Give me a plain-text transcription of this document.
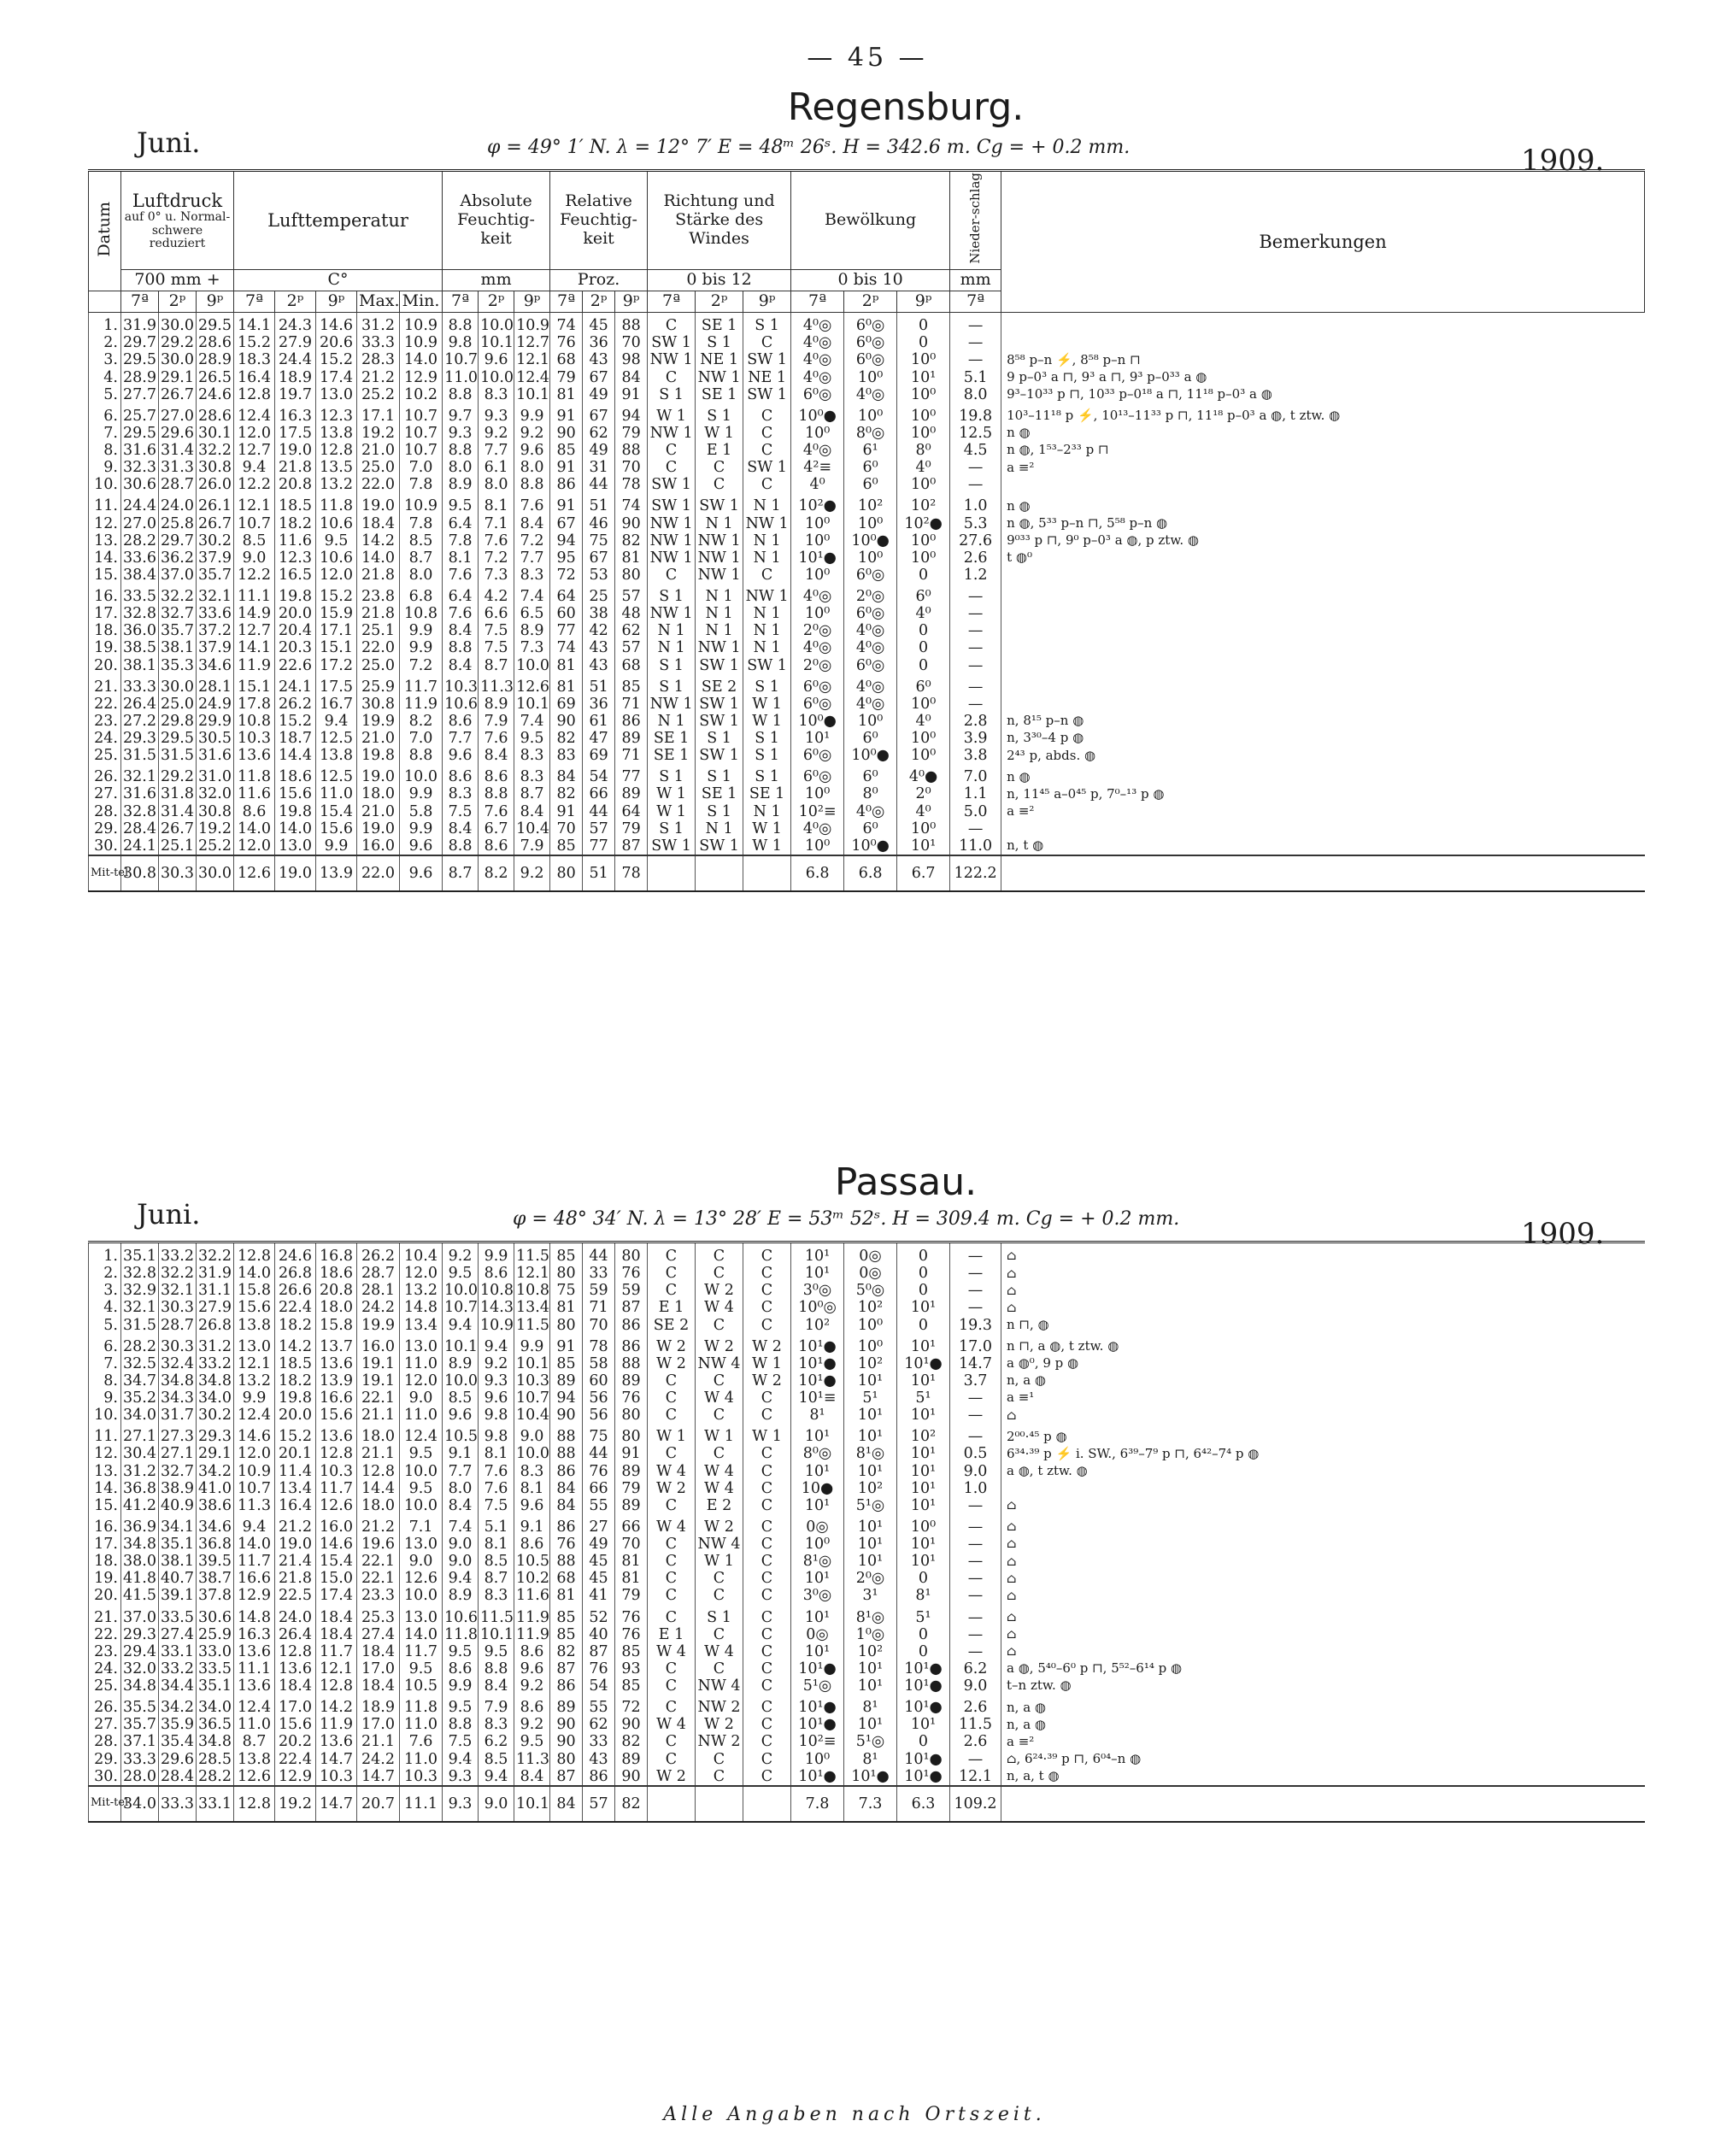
— 45 —
Regensburg.
Juni.	φ = 49° 1′ N. λ = 12° 7′ E = 48ᵐ 26ˢ. H = 342.6 m. Cg = + 0.2 mm.	1909.
Datum	Luftdruck
auf 0° u. Normal-schwere reduziert			Lufttemperatur					Absolute Feuchtig-keit			Relative Feuchtig-keit			Richtung und Stärke des Windes			Bewölkung			Nieder-schlag	Bemerkungen
	700 mm +			C°					mm			Proz.			0 bis 12			0 bis 10			mm	
	7ª	2ᵖ	9ᵖ	7ª	2ᵖ	9ᵖ	Max.	Min.	7ª	2ᵖ	9ᵖ	7ª	2ᵖ	9ᵖ	7ª	2ᵖ	9ᵖ	7ª	2ᵖ	9ᵖ	7ª	
1.	31.9	30.0	29.5	14.1	24.3	14.6	31.2	10.9	8.8	10.0	10.9	74	45	88	C	SE 1	S 1	4⁰◎	6⁰◎	0	—	
2.	29.7	29.2	28.6	15.2	27.9	20.6	33.3	10.9	9.8	10.1	12.7	76	36	70	SW 1	S 1	C	4⁰◎	6⁰◎	0	—	
3.	29.5	30.0	28.9	18.3	24.4	15.2	28.3	14.0	10.7	9.6	12.1	68	43	98	NW 1	NE 1	SW 1	4⁰◎	6⁰◎	10⁰	—	8⁵⁸ p–n ⚡, 8⁵⁸ p–n ⊓
4.	28.9	29.1	26.5	16.4	18.9	17.4	21.2	12.9	11.0	10.0	12.4	79	67	84	C	NW 1	NE 1	4⁰◎	10⁰	10¹	5.1	9 p–0³ a ⊓, 9³ a ⊓, 9³ p–0³³ a ◍
5.	27.7	26.7	24.6	12.8	19.7	13.0	25.2	10.2	8.8	8.3	10.1	81	49	91	S 1	SE 1	SW 1	6⁰◎	4⁰◎	10⁰	8.0	9³–10³³ p ⊓, 10³³ p–0¹⁸ a ⊓, 11¹⁸ p–0³ a ◍
6.	25.7	27.0	28.6	12.4	16.3	12.3	17.1	10.7	9.7	9.3	9.9	91	67	94	W 1	S 1	C	10⁰●	10⁰	10⁰	19.8	10³–11¹⁸ p ⚡, 10¹³–11³³ p ⊓, 11¹⁸ p–0³ a ◍, t ztw. ◍
7.	29.5	29.6	30.1	12.0	17.5	13.8	19.2	10.7	9.3	9.2	9.2	90	62	79	NW 1	W 1	C	10⁰	8⁰◎	10⁰	12.5	n ◍
8.	31.6	31.4	32.2	12.7	19.0	12.8	21.0	10.7	8.8	7.7	9.6	85	49	88	C	E 1	C	4⁰◎	6¹	8⁰	4.5	n ◍, 1⁵³–2³³ p ⊓
9.	32.3	31.3	30.8	9.4	21.8	13.5	25.0	7.0	8.0	6.1	8.0	91	31	70	C	C	SW 1	4²≡	6⁰	4⁰	—	a ≡²
10.	30.6	28.7	26.0	12.2	20.8	13.2	22.0	7.8	8.9	8.0	8.8	86	44	78	SW 1	C	C	4⁰	6⁰	10⁰	—	
11.	24.4	24.0	26.1	12.1	18.5	11.8	19.0	10.9	9.5	8.1	7.6	91	51	74	SW 1	SW 1	N 1	10²●	10²	10²	1.0	n ◍
12.	27.0	25.8	26.7	10.7	18.2	10.6	18.4	7.8	6.4	7.1	8.4	67	46	90	NW 1	N 1	NW 1	10⁰	10⁰	10²●	5.3	n ◍, 5³³ p–n ⊓, 5⁵⁸ p–n ◍
13.	28.2	29.7	30.2	8.5	11.6	9.5	14.2	8.5	7.8	7.6	7.2	94	75	82	NW 1	NW 1	N 1	10⁰	10⁰●	10⁰	27.6	9⁰³³ p ⊓, 9⁰ p–0³ a ◍, p ztw. ◍
14.	33.6	36.2	37.9	9.0	12.3	10.6	14.0	8.7	8.1	7.2	7.7	95	67	81	NW 1	NW 1	N 1	10¹●	10⁰	10⁰	2.6	t ◍⁰
15.	38.4	37.0	35.7	12.2	16.5	12.0	21.8	8.0	7.6	7.3	8.3	72	53	80	C	NW 1	C	10⁰	6⁰◎	0	1.2	
16.	33.5	32.2	32.1	11.1	19.8	15.2	23.8	6.8	6.4	4.2	7.4	64	25	57	S 1	N 1	NW 1	4⁰◎	2⁰◎	6⁰	—	
17.	32.8	32.7	33.6	14.9	20.0	15.9	21.8	10.8	7.6	6.6	6.5	60	38	48	NW 1	N 1	N 1	10⁰	6⁰◎	4⁰	—	
18.	36.0	35.7	37.2	12.7	20.4	17.1	25.1	9.9	8.4	7.5	8.9	77	42	62	N 1	N 1	N 1	2⁰◎	4⁰◎	0	—	
19.	38.5	38.1	37.9	14.1	20.3	15.1	22.0	9.9	8.8	7.5	7.3	74	43	57	N 1	NW 1	N 1	4⁰◎	4⁰◎	0	—	
20.	38.1	35.3	34.6	11.9	22.6	17.2	25.0	7.2	8.4	8.7	10.0	81	43	68	S 1	SW 1	SW 1	2⁰◎	6⁰◎	0	—	
21.	33.3	30.0	28.1	15.1	24.1	17.5	25.9	11.7	10.3	11.3	12.6	81	51	85	S 1	SE 2	S 1	6⁰◎	4⁰◎	6⁰	—	
22.	26.4	25.0	24.9	17.8	26.2	16.7	30.8	11.9	10.6	8.9	10.1	69	36	71	NW 1	SW 1	W 1	6⁰◎	4⁰◎	10⁰	—	
23.	27.2	29.8	29.9	10.8	15.2	9.4	19.9	8.2	8.6	7.9	7.4	90	61	86	N 1	SW 1	W 1	10⁰●	10⁰	4⁰	2.8	n, 8¹⁵ p–n ◍
24.	29.3	29.5	30.5	10.3	18.7	12.5	21.0	7.0	7.7	7.6	9.5	82	47	89	SE 1	S 1	S 1	10¹	6⁰	10⁰	3.9	n, 3³⁰–4 p ◍
25.	31.5	31.5	31.6	13.6	14.4	13.8	19.8	8.8	9.6	8.4	8.3	83	69	71	SE 1	SW 1	S 1	6⁰◎	10⁰●	10⁰	3.8	2⁴³ p, abds. ◍
26.	32.1	29.2	31.0	11.8	18.6	12.5	19.0	10.0	8.6	8.6	8.3	84	54	77	S 1	S 1	S 1	6⁰◎	6⁰	4⁰●	7.0	n ◍
27.	31.6	31.8	32.0	11.6	15.6	11.0	18.0	9.9	8.3	8.8	8.7	82	66	89	W 1	SE 1	SE 1	10⁰	8⁰	2⁰	1.1	n, 11⁴⁵ a–0⁴⁵ p, 7⁰–¹³ p ◍
28.	32.8	31.4	30.8	8.6	19.8	15.4	21.0	5.8	7.5	7.6	8.4	91	44	64	W 1	S 1	N 1	10²≡	4⁰◎	4⁰	5.0	a ≡²
29.	28.4	26.7	19.2	14.0	14.0	15.6	19.0	9.9	8.4	6.7	10.4	70	57	79	S 1	N 1	W 1	4⁰◎	6⁰	10⁰	—	
30.	24.1	25.1	25.2	12.0	13.0	9.9	16.0	9.6	8.8	8.6	7.9	85	77	87	SW 1	SW 1	W 1	10⁰	10⁰●	10¹	11.0	n, t ◍
Mit-tel	30.8	30.3	30.0	12.6	19.0	13.9	22.0	9.6	8.7	8.2	9.2	80	51	78				6.8	6.8	6.7	122.2	
Passau.
Juni.	φ = 48° 34′ N. λ = 13° 28′ E = 53ᵐ 52ˢ. H = 309.4 m. Cg = + 0.2 mm.	1909.
1.	35.1	33.2	32.2	12.8	24.6	16.8	26.2	10.4	9.2	9.9	11.5	85	44	80	C	C	C	10¹	0◎	0	—	⌂
2.	32.8	32.2	31.9	14.0	26.8	18.6	28.7	12.0	9.5	8.6	12.1	80	33	76	C	C	C	10¹	0◎	0	—	⌂
3.	32.9	32.1	31.1	15.8	26.6	20.8	28.1	13.2	10.0	10.8	10.8	75	59	59	C	W 2	C	3⁰◎	5⁰◎	0	—	⌂
4.	32.1	30.3	27.9	15.6	22.4	18.0	24.2	14.8	10.7	14.3	13.4	81	71	87	E 1	W 4	C	10⁰◎	10²	10¹	—	⌂
5.	31.5	28.7	26.8	13.8	18.2	15.8	19.9	13.4	9.4	10.9	11.5	80	70	86	SE 2	C	C	10²	10⁰	0	19.3	n ⊓, ◍
6.	28.2	30.3	31.2	13.0	14.2	13.7	16.0	13.0	10.1	9.4	9.9	91	78	86	W 2	W 2	W 2	10¹●	10⁰	10¹	17.0	n ⊓, a ◍, t ztw. ◍
7.	32.5	32.4	33.2	12.1	18.5	13.6	19.1	11.0	8.9	9.2	10.1	85	58	88	W 2	NW 4	W 1	10¹●	10²	10¹●	14.7	a ◍⁰, 9 p ◍
8.	34.7	34.8	34.8	13.2	18.2	13.9	19.1	12.0	10.0	9.3	10.3	89	60	89	C	C	W 2	10¹●	10¹	10¹	3.7	n, a ◍
9.	35.2	34.3	34.0	9.9	19.8	16.6	22.1	9.0	8.5	9.6	10.7	94	56	76	C	W 4	C	10¹≡	5¹	5¹	—	a ≡¹
10.	34.0	31.7	30.2	12.4	20.0	15.6	21.1	11.0	9.6	9.8	10.4	90	56	80	C	C	C	8¹	10¹	10¹	—	⌂
11.	27.1	27.3	29.3	14.6	15.2	13.6	18.0	12.4	10.5	9.8	9.0	88	75	80	W 1	W 1	W 1	10¹	10¹	10²	—	2⁰⁰·⁴⁵ p ◍
12.	30.4	27.1	29.1	12.0	20.1	12.8	21.1	9.5	9.1	8.1	10.0	88	44	91	C	C	C	8⁰◎	8¹◎	10¹	0.5	6³⁴·³⁹ p ⚡ i. SW., 6³⁹–7⁹ p ⊓, 6⁴²–7⁴ p ◍
13.	31.2	32.7	34.2	10.9	11.4	10.3	12.8	10.0	7.7	7.6	8.3	86	76	89	W 4	W 4	C	10¹	10¹	10¹	9.0	a ◍, t ztw. ◍
14.	36.8	38.9	41.0	10.7	13.4	11.7	14.4	9.5	8.0	7.6	8.1	84	66	79	W 2	W 4	C	10●	10²	10¹	1.0	
15.	41.2	40.9	38.6	11.3	16.4	12.6	18.0	10.0	8.4	7.5	9.6	84	55	89	C	E 2	C	10¹	5¹◎	10¹	—	⌂
16.	36.9	34.1	34.6	9.4	21.2	16.0	21.2	7.1	7.4	5.1	9.1	86	27	66	W 4	W 2	C	0◎	10¹	10⁰	—	⌂
17.	34.8	35.1	36.8	14.0	19.0	14.6	19.6	13.0	9.0	8.1	8.6	76	49	70	C	NW 4	C	10⁰	10¹	10¹	—	⌂
18.	38.0	38.1	39.5	11.7	21.4	15.4	22.1	9.0	9.0	8.5	10.5	88	45	81	C	W 1	C	8¹◎	10¹	10¹	—	⌂
19.	41.8	40.7	38.7	16.6	21.8	15.0	22.1	12.6	9.4	8.7	10.2	68	45	81	C	C	C	10¹	2⁰◎	0	—	⌂
20.	41.5	39.1	37.8	12.9	22.5	17.4	23.3	10.0	8.9	8.3	11.6	81	41	79	C	C	C	3⁰◎	3¹	8¹	—	⌂
21.	37.0	33.5	30.6	14.8	24.0	18.4	25.3	13.0	10.6	11.5	11.9	85	52	76	C	S 1	C	10¹	8¹◎	5¹	—	⌂
22.	29.3	27.4	25.9	16.3	26.4	18.4	27.4	14.0	11.8	10.1	11.9	85	40	76	E 1	C	C	0◎	1⁰◎	0	—	⌂
23.	29.4	33.1	33.0	13.6	12.8	11.7	18.4	11.7	9.5	9.5	8.6	82	87	85	W 4	W 4	C	10¹	10²	0	—	⌂
24.	32.0	33.2	33.5	11.1	13.6	12.1	17.0	9.5	8.6	8.8	9.6	87	76	93	C	C	C	10¹●	10¹	10¹●	6.2	a ◍, 5⁴⁰–6⁰ p ⊓, 5⁵²–6¹⁴ p ◍
25.	34.8	34.4	35.1	13.6	18.4	12.8	18.4	10.5	9.9	8.4	9.2	86	54	85	C	NW 4	C	5¹◎	10¹	10¹●	9.0	t–n ztw. ◍
26.	35.5	34.2	34.0	12.4	17.0	14.2	18.9	11.8	9.5	7.9	8.6	89	55	72	C	NW 2	C	10¹●	8¹	10¹●	2.6	n, a ◍
27.	35.7	35.9	36.5	11.0	15.6	11.9	17.0	11.0	8.8	8.3	9.2	90	62	90	W 4	W 2	C	10¹●	10¹	10¹	11.5	n, a ◍
28.	37.1	35.4	34.8	8.7	20.2	13.6	21.1	7.6	7.5	6.2	9.5	90	33	82	C	NW 2	C	10²≡	5¹◎	0	2.6	a ≡²
29.	33.3	29.6	28.5	13.8	22.4	14.7	24.2	11.0	9.4	8.5	11.3	80	43	89	C	C	C	10⁰	8¹	10¹●	—	⌂, 6²⁴·³⁹ p ⊓, 6⁰⁴–n ◍
30.	28.0	28.4	28.2	12.6	12.9	10.3	14.7	10.3	9.3	9.4	8.4	87	86	90	W 2	C	C	10¹●	10¹●	10¹●	12.1	n, a, t ◍
Mit-tel	34.0	33.3	33.1	12.8	19.2	14.7	20.7	11.1	9.3	9.0	10.1	84	57	82				7.8	7.3	6.3	109.2	
Alle Angaben nach Ortszeit.
